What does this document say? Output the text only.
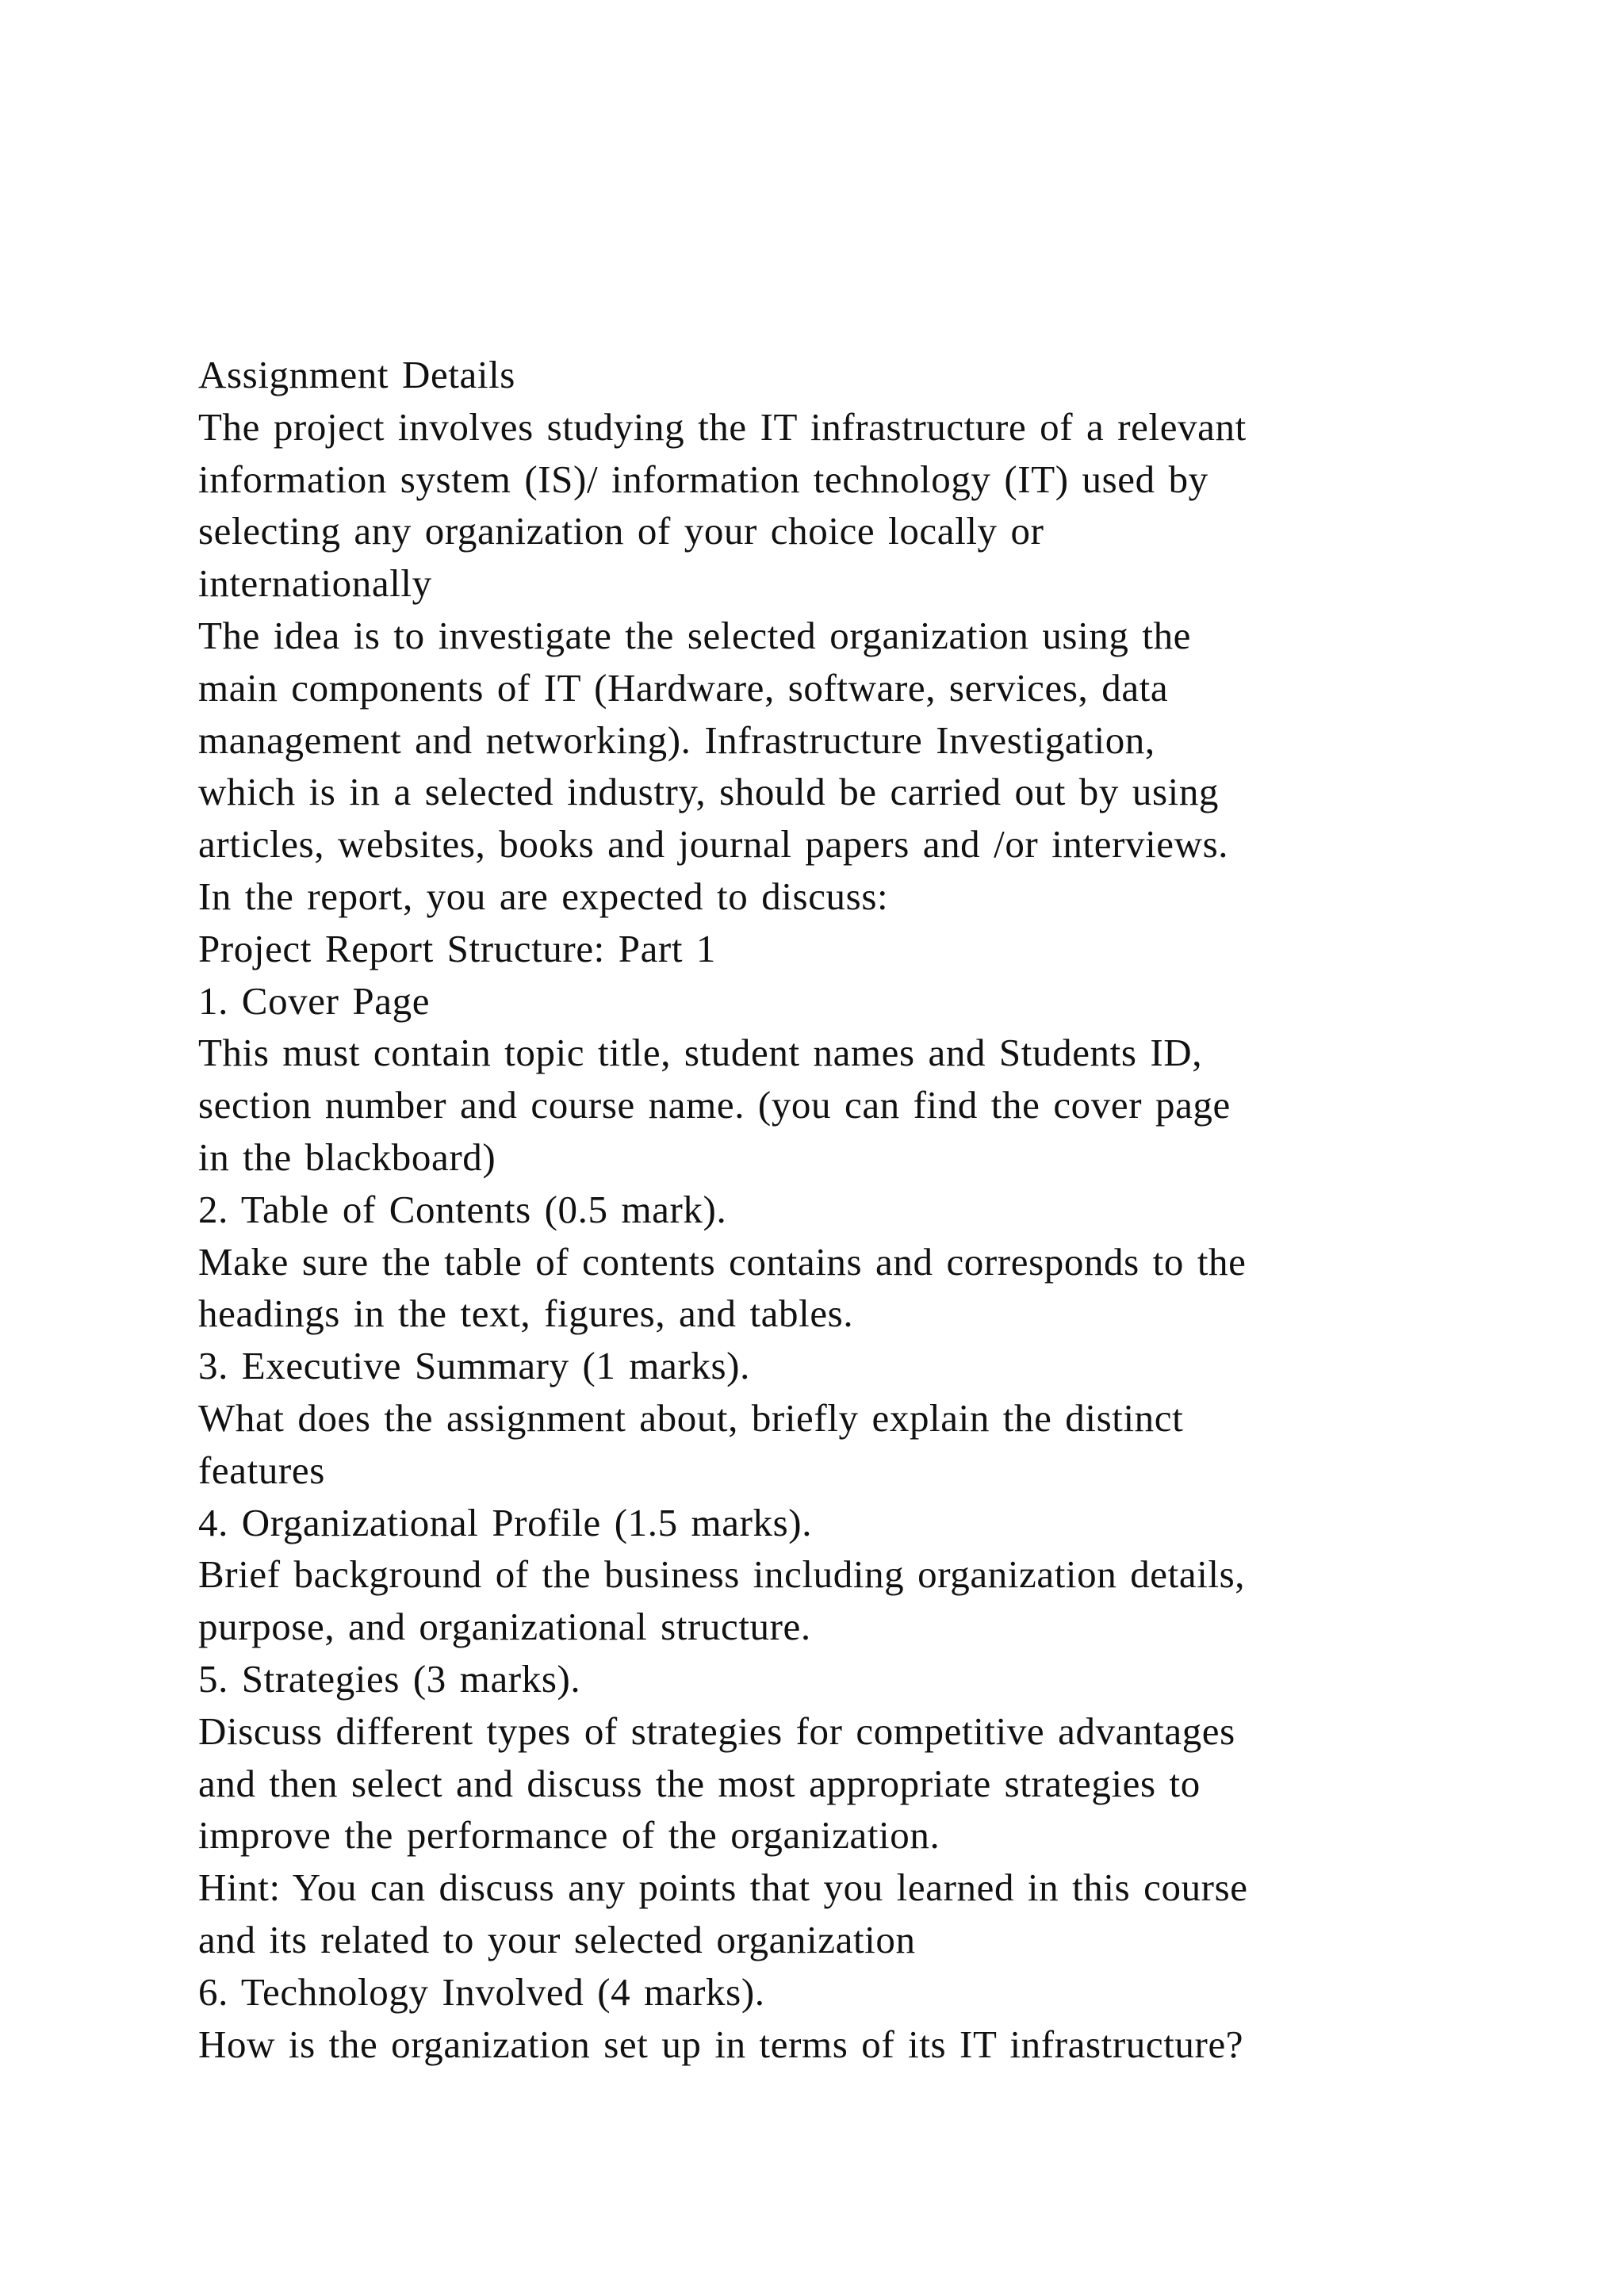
Assignment Details
The project involves studying the IT infrastructure of a relevant
information system (IS)/ information technology (IT) used by
selecting any organization of your choice locally or
internationally
The idea is to investigate the selected organization using the
main components of IT (Hardware, software, services, data
management and networking). Infrastructure Investigation,
which is in a selected industry, should be carried out by using
articles, websites, books and journal papers and /or interviews.
In the report, you are expected to discuss:
Project Report Structure: Part 1
1. Cover Page
This must contain topic title, student names and Students ID,
section number and course name. (you can find the cover page
in the blackboard)
2. Table of Contents (0.5 mark).
Make sure the table of contents contains and corresponds to the
headings in the text, figures, and tables.
3. Executive Summary (1 marks).
What does the assignment about, briefly explain the distinct
features
4. Organizational Profile (1.5 marks).
Brief background of the business including organization details,
purpose, and organizational structure.
5. Strategies (3 marks).
Discuss different types of strategies for competitive advantages
and then select and discuss the most appropriate strategies to
improve the performance of the organization.
Hint: You can discuss any points that you learned in this course
and its related to your selected organization
6. Technology Involved (4 marks).
How is the organization set up in terms of its IT infrastructure?
